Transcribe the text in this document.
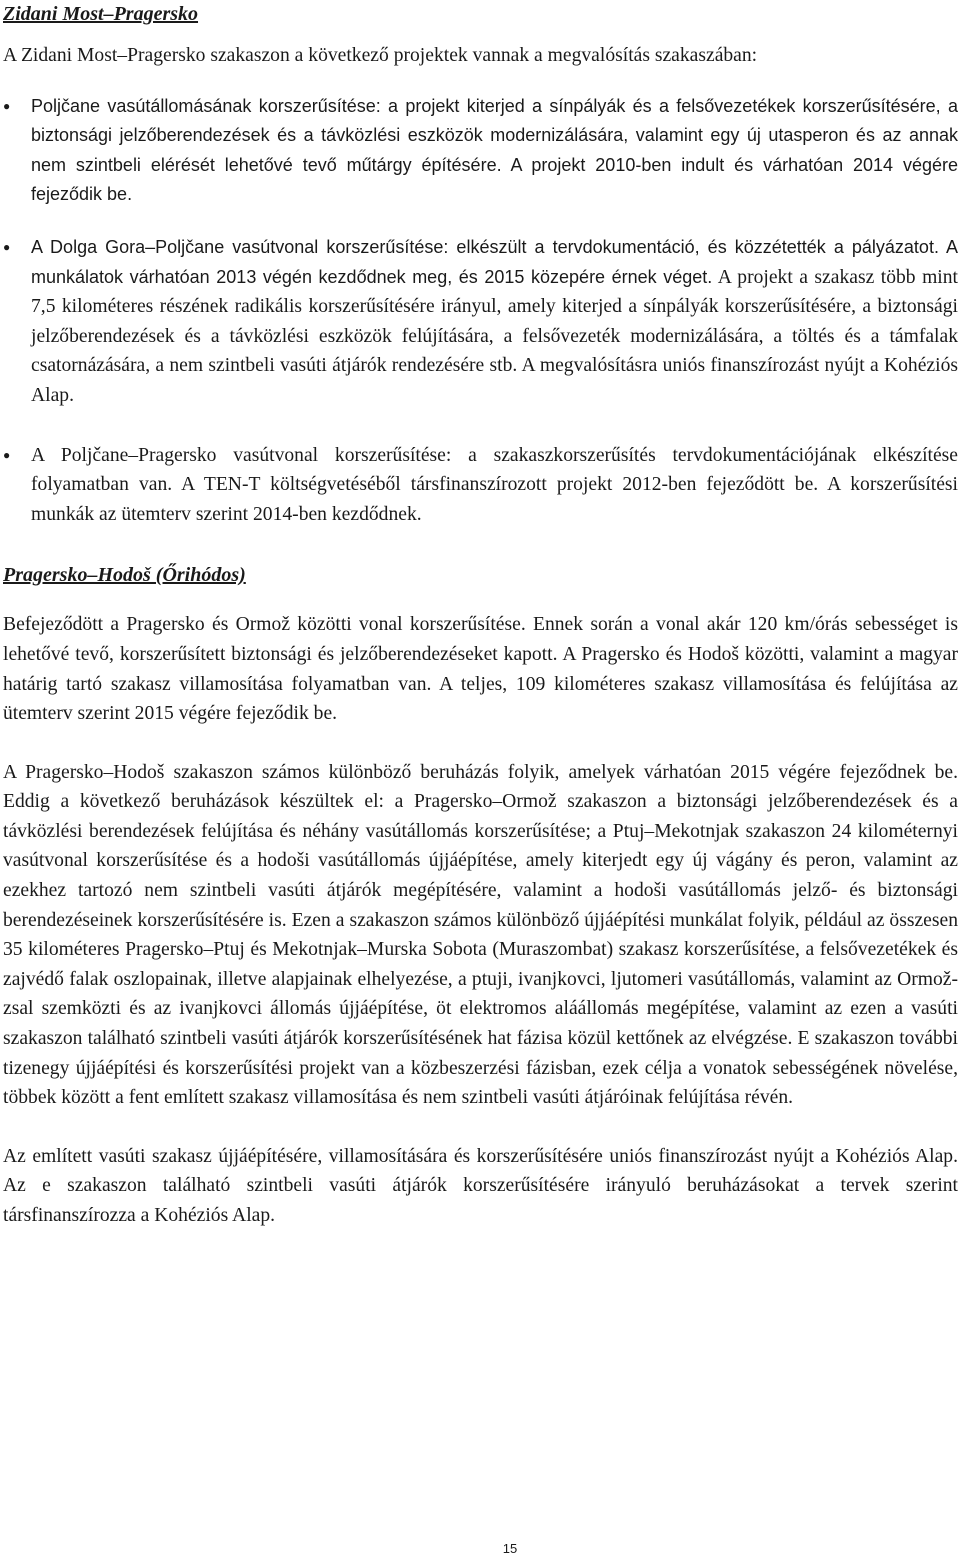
Zidani Most–Pragersko

A Zidani Most–Pragersko szakaszon a következő projektek vannak a megvalósítás szakaszában:

●	Poljčane vasútállomásának korszerűsítése: a projekt kiterjed a sínpályák és a felsővezetékek korszerűsítésére, a biztonsági jelzőberendezések és a távközlési eszközök modernizálására, valamint egy új utasperon és az annak nem szintbeli elérését lehetővé tevő műtárgy építésére. A projekt 2010-ben indult és várhatóan 2014 végére fejeződik be.
●	A Dolga Gora–Poljčane vasútvonal korszerűsítése: elkészült a tervdokumentáció, és közzétették a pályázatot. A munkálatok várhatóan 2013 végén kezdődnek meg, és 2015 közepére érnek véget. A projekt a szakasz több mint 7,5 kilométeres részének radikális korszerűsítésére irányul, amely kiterjed a sínpályák korszerűsítésére, a biztonsági jelzőberendezések és a távközlési eszközök felújítására, a felsővezeték modernizálására, a töltés és a támfalak csatornázására, a nem szintbeli vasúti átjárók rendezésére stb. A megvalósításra uniós finanszírozást nyújt a Kohéziós Alap.
●	A Poljčane–Pragersko vasútvonal korszerűsítése: a szakaszkorszerűsítés tervdokumentációjának elkészítése folyamatban van. A TEN-T költségvetéséből társfinanszírozott projekt 2012-ben fejeződött be. A korszerűsítési munkák az ütemterv szerint 2014-ben kezdődnek.
Pragersko–Hodoš (Őrihódos)

Befejeződött a Pragersko és Ormož közötti vonal korszerűsítése. Ennek során a vonal akár 120 km/órás sebességet is lehetővé tevő, korszerűsített biztonsági és jelzőberendezéseket kapott. A Pragersko és Hodoš közötti, valamint a magyar határig tartó szakasz villamosítása folyamatban van. A teljes, 109 kilométeres szakasz villamosítása és felújítása az ütemterv szerint 2015 végére fejeződik be.

A Pragersko–Hodoš szakaszon számos különböző beruházás folyik, amelyek várhatóan 2015 végére fejeződnek be. Eddig a következő beruházások készültek el: a Pragersko–Ormož szakaszon a biztonsági jelzőberendezések és a távközlési berendezések felújítása és néhány vasútállomás korszerűsítése; a Ptuj–Mekotnjak szakaszon 24 kilométernyi vasútvonal korszerűsítése és a hodoši vasútállomás újjáépítése, amely kiterjedt egy új vágány és peron, valamint az ezekhez tartozó nem szintbeli vasúti átjárók megépítésére, valamint a hodoši vasútállomás jelző- és biztonsági berendezéseinek korszerűsítésére is. Ezen a szakaszon számos különböző újjáépítési munkálat folyik, például az összesen 35 kilométeres Pragersko–Ptuj és Mekotnjak–Murska Sobota (Muraszombat) szakasz korszerűsítése, a felsővezetékek és zajvédő falak oszlopainak, illetve alapjainak elhelyezése, a ptuji, ivanjkovci, ljutomeri vasútállomás, valamint az Ormož-zsal szemközti és az ivanjkovci állomás újjáépítése, öt elektromos aláállomás megépítése, valamint az ezen a vasúti szakaszon található szintbeli vasúti átjárók korszerűsítésének hat fázisa közül kettőnek az elvégzése. E szakaszon további tizenegy újjáépítési és korszerűsítési projekt van a közbeszerzési fázisban, ezek célja a vonatok sebességének növelése, többek között a fent említett szakasz villamosítása és nem szintbeli vasúti átjáróinak felújítása révén.

Az említett vasúti szakasz újjáépítésére, villamosítására és korszerűsítésére uniós finanszírozást nyújt a Kohéziós Alap. Az e szakaszon található szintbeli vasúti átjárók korszerűsítésére irányuló beruházásokat a tervek szerint társfinanszírozza a Kohéziós Alap.

15
